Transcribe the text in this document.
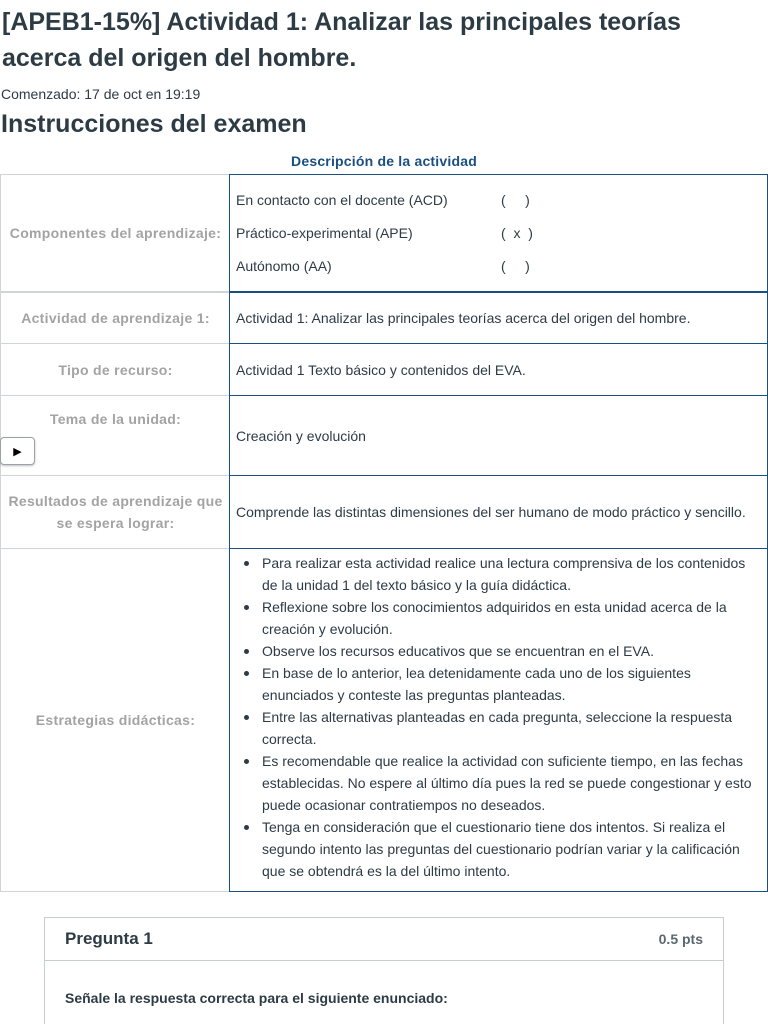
[APEB1-15%] Actividad 1: Analizar las principales teorías acerca del origen del hombre.
Comenzado: 17 de oct en 19:19
Instrucciones del examen
Descripción de la actividad
Componentes del aprendizaje:
En contacto con el docente (ACD)	(     )
Práctico-experimental (APE)	(  x  )
Autónomo (AA)	(     )
Actividad de aprendizaje 1:	Actividad 1: Analizar las principales teorías acerca del origen del hombre.
Tipo de recurso:	Actividad 1 Texto básico y contenidos del EVA.
Tema de la unidad:
Creación y evolución
Resultados de aprendizaje que se espera lograr:
Comprende las distintas dimensiones del ser humano de modo práctico y sencillo.
Estrategias didácticas:
Para realizar esta actividad realice una lectura comprensiva de los contenidos de la unidad 1 del texto básico y la guía didáctica.
Reflexione sobre los conocimientos adquiridos en esta unidad acerca de la creación y evolución.
Observe los recursos educativos que se encuentran en el EVA.
En base de lo anterior, lea detenidamente cada uno de los siguientes enunciados y conteste las preguntas planteadas.
Entre las alternativas planteadas en cada pregunta, seleccione la respuesta correcta.
Es recomendable que realice la actividad con suficiente tiempo, en las fechas establecidas. No espere al último día pues la red se puede congestionar y esto puede ocasionar contratiempos no deseados.
Tenga en consideración que el cuestionario tiene dos intentos. Si realiza el segundo intento las preguntas del cuestionario podrían variar y la calificación que se obtendrá es la del último intento.
▶
Pregunta 1	0.5 pts
Señale la respuesta correcta para el siguiente enunciado:
